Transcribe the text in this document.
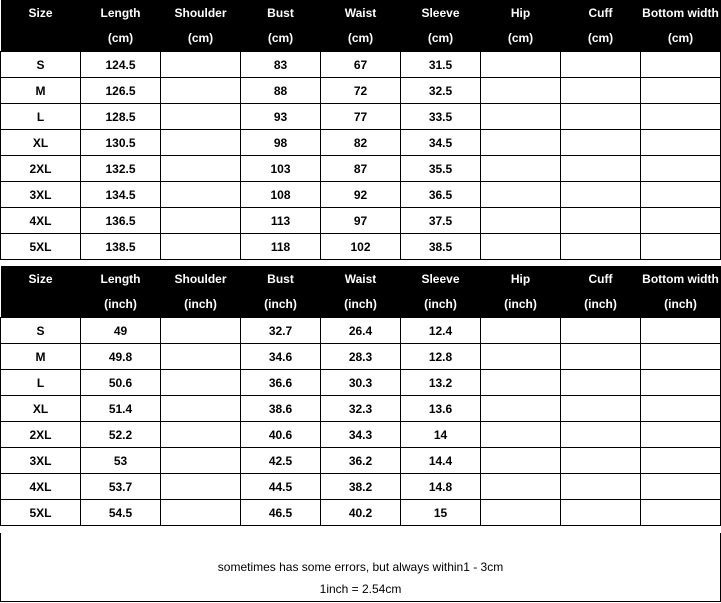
Size	Length	Shoulder	Bust	Waist	Sleeve	Hip	Cuff	Bottom width
	(cm)	(cm)	(cm)	(cm)	(cm)	(cm)	(cm)	(cm)
S	124.5		83	67	31.5			
M	126.5		88	72	32.5			
L	128.5		93	77	33.5			
XL	130.5		98	82	34.5			
2XL	132.5		103	87	35.5			
3XL	134.5		108	92	36.5			
4XL	136.5		113	97	37.5			
5XL	138.5		118	102	38.5			
Size	Length	Shoulder	Bust	Waist	Sleeve	Hip	Cuff	Bottom width
	(inch)	(inch)	(inch)	(inch)	(inch)	(inch)	(inch)	(inch)
S	49		32.7	26.4	12.4			
M	49.8		34.6	28.3	12.8			
L	50.6		36.6	30.3	13.2			
XL	51.4		38.6	32.3	13.6			
2XL	52.2		40.6	34.3	14			
3XL	53		42.5	36.2	14.4			
4XL	53.7		44.5	38.2	14.8			
5XL	54.5		46.5	40.2	15			
sometimes has some errors, but always within1 - 3cm
1inch = 2.54cm
